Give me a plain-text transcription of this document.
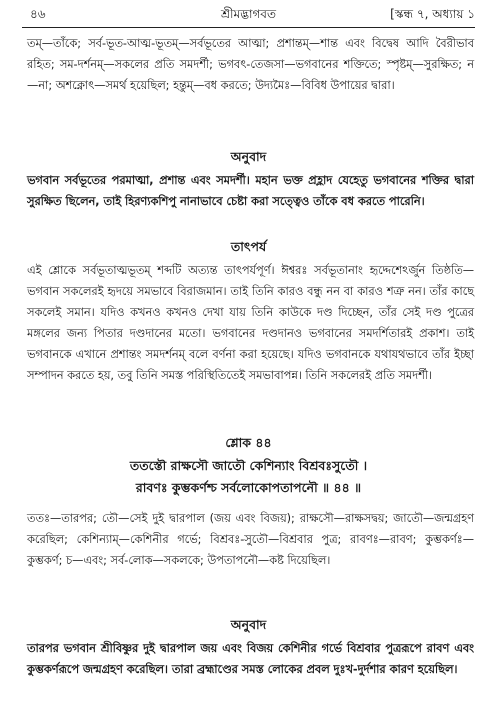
৪৬	শ্রীমদ্ভাগবত	[স্কন্ধ ৭, অধ্যায় ১
তম্—তাঁকে; সর্ব-ভূত-আত্ম-ভূতম্—সর্বভূতের আত্মা; প্রশান্তম্—শান্ত এবং বিদ্বেষ আদি বৈরীভাব রহিত; সম-দর্শনম্—সকলের প্রতি সমদর্শী; ভগবৎ-তেজসা—ভগবানের শক্তিতে; স্পৃষ্টম্—সুরক্ষিত; ন—না; অশক্নোৎ—সমর্থ হয়েছিল; হন্তুম্—বধ করতে; উদ্যমৈঃ—বিবিধ উপায়ের দ্বারা।
অনুবাদ
ভগবান সর্বভূতের পরমাত্মা, প্রশান্ত এবং সমদর্শী। মহান ভক্ত প্রহ্লাদ যেহেতু ভগবানের শক্তির দ্বারা সুরক্ষিত ছিলেন, তাই হিরণ্যকশিপু নানাভাবে চেষ্টা করা সত্ত্বেও তাঁকে বধ করতে পারেনি।
তাৎপর্য
এই শ্লোকে সর্বভূতাত্মভূতম্ শব্দটি অত্যন্ত তাৎপর্যপূর্ণ। ঈশ্বরঃ সর্বভূতানাং হৃদ্দেশেঽর্জুন তিষ্ঠতি—ভগবান সকলেরই হৃদয়ে সমভাবে বিরাজমান। তাই তিনি কারও বন্ধু নন বা কারও শত্রু নন। তাঁর কাছে সকলেই সমান। যদিও কখনও কখনও দেখা যায় তিনি কাউকে দণ্ড দিচ্ছেন, তাঁর সেই দণ্ড পুত্রের মঙ্গলের জন্য পিতার দণ্ডদানের মতো। ভগবানের দণ্ডদানও ভগবানের সমদর্শিতারই প্রকাশ। তাই ভগবানকে এখানে প্রশান্তং সমদর্শনম্ বলে বর্ণনা করা হয়েছে। যদিও ভগবানকে যথাযথভাবে তাঁর ইচ্ছা সম্পাদন করতে হয়, তবু তিনি সমস্ত পরিস্থিতিতেই সমভাবাপন্ন। তিনি সকলেরই প্রতি সমদর্শী।
শ্লোক ৪৪
ততস্তৌ রাক্ষসৌ জাতৌ কেশিন্যাং বিশ্রবঃসুতৌ ।
রাবণঃ কুম্ভকর্ণশ্চ সর্বলোকোপতাপনৌ ॥ ৪৪ ॥
ততঃ—তারপর; তৌ—সেই দুই দ্বারপাল (জয় এবং বিজয়); রাক্ষসৌ—রাক্ষসদ্বয়; জাতৌ—জন্মগ্রহণ করেছিল; কেশিন্যাম্—কেশিনীর গর্ভে; বিশ্রবঃ-সুতৌ—বিশ্রবার পুত্র; রাবণঃ—রাবণ; কুম্ভকর্ণঃ—কুম্ভকর্ণ; চ—এবং; সর্ব-লোক—সকলকে; উপতাপনৌ—কষ্ট দিয়েছিল।
অনুবাদ
তারপর ভগবান শ্রীবিষ্ণুর দুই দ্বারপাল জয় এবং বিজয় কেশিনীর গর্ভে বিশ্রবার পুত্ররূপে রাবণ এবং কুম্ভকর্ণরূপে জন্মগ্রহণ করেছিল। তারা ব্রহ্মাণ্ডের সমস্ত লোকের প্রবল দুঃখ-দুর্দশার কারণ হয়েছিল।
